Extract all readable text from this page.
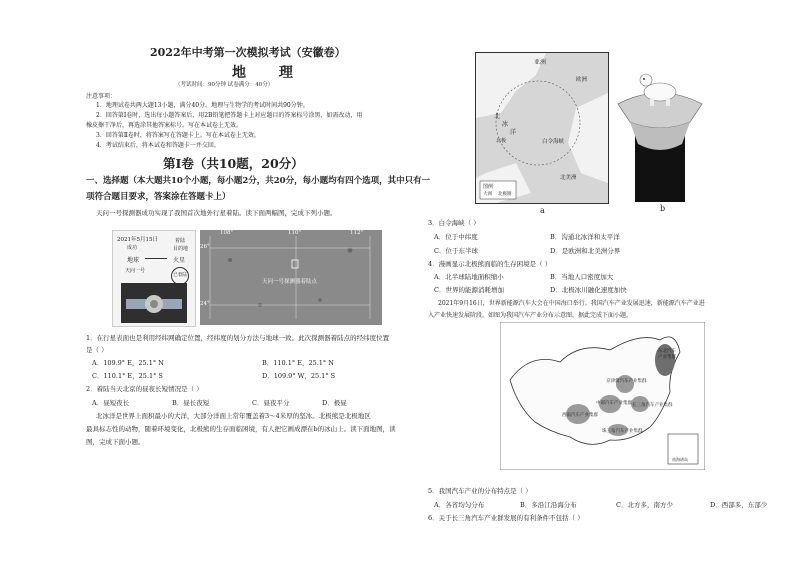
2022年中考第一次模拟考试（安徽卷）
地 理
（考试时间：90分钟 试卷满分：40分）
注意事项：
1．地理试卷共两大题13小题，满分40分。地理与生物学的考试时间共90分钟。
2．回答第Ⅰ卷时，选出每小题答案后，用2B铅笔把答题卡上对应题目的答案标号涂黑，如需改动，用
橡皮擦干净后，再选涂其他答案标号。写在本试卷上无效。
3．回答第Ⅱ卷时，将答案写在答题卡上。写在本试卷上无效。
4．考试结束后，将本试卷和答题卡一并交回。
第Ⅰ卷（共10题，20分）
一、选择题（本大题共10个小题，每小题2分，共20分，每小题均有四个选项，其中只有一
项符合题目要求，答案涂在答题卡上）
天问一号探测器成功实现了我国首次地外行星着陆。读下面两幅图，完成下列小题。
2021年5月15日
成功
着陆
目的地
地球	火星
天问一号
已着陆
108°	110°	112°
26°
24°
天问一号探测器着陆点
1．在行星表面也是利用经纬网确定位置，经纬度的划分方法与地球一致。此次探测器着陆点的经纬度位置
是（ ）
A．109.9° E，25.1° N	B．110.1° E，25.1° N
C．110.1° E，25.1° S	D．109.9° W，25.1° S
2．着陆当天北京的昼夜长短情况是（ ）
A．昼短夜长	B．昼长夜短	C．昼夜平分	D．极昼
北冰洋是世界上面积最小的大洋，大部分洋面上常年覆盖着3～4米厚的坚冰。北极熊是北极地区
最具标志性的动物，随着环境变化，北极熊的生存面临困境，有人把它画成漂在b的冰山上。读下面地图，读
图，完成下面小题。
亚洲
北
冰
洋
白令海峡
北极
欧洲
北美洲
图例
大洲 北极圈
a	b
3．白令海峡（ ）
A．位于中纬度	B．沟通北冰洋和太平洋
C．位于东半球	D．是欧洲和北美洲分界
4．漫画显示北极熊面临的生存困境是（ ）
A．北半球陆地面积缩小	B．当地人口密度加大
C．世界的能源消耗增加	D．北极冰川融化速度加快
2021年9月16日，世界新能源汽车大会在中国海口举行。我国汽车产业发展迅速，新能源汽车产业进
入产业快速发展阶段。如图为我国汽车产业分布示意图。据此完成下面小题。
东北汽车产业集群
京津冀汽车产业集群
中部汽车产业集群 长三角汽车产业集群
西南汽车产业集群
珠三角汽车产业集群
南海诸岛
5．我国汽车产业的分布特点是（ ）
A．各省均匀分布	B．多沿江沿海分布	C．北方多，南方少	D．西部多，东部少
6．关于长三角汽车产业群发展的有利条件不包括（ ）
